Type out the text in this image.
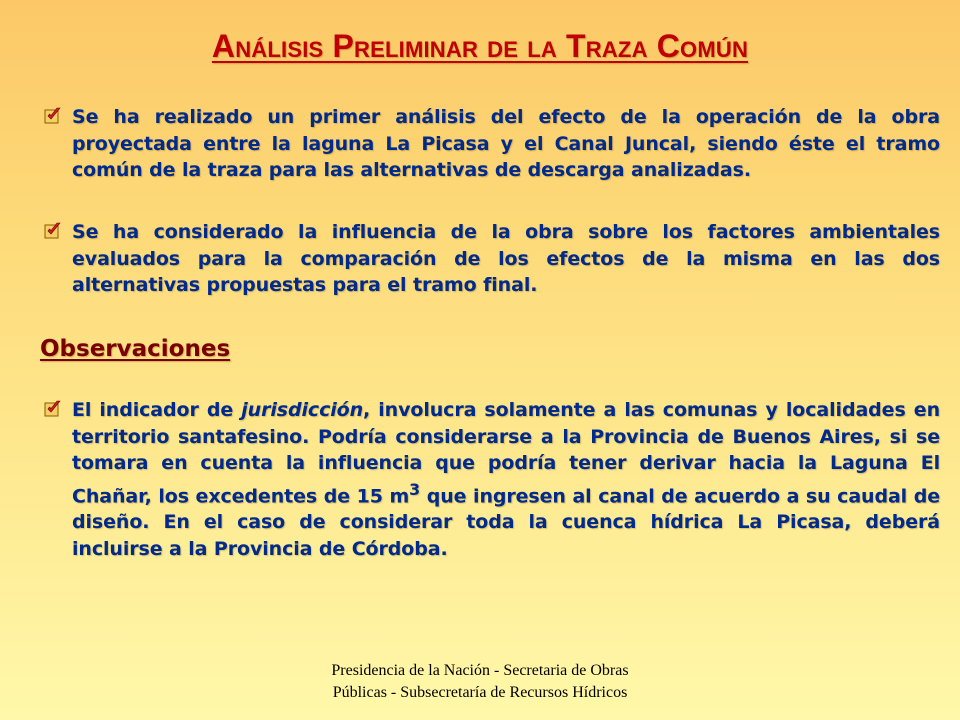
Análisis Preliminar de la Traza Común
Se ha realizado un primer análisis del efecto de la operación de la obra proyectada entre la laguna La Picasa y el Canal Juncal, siendo éste el tramo común de la traza para las alternativas de descarga analizadas.
Se ha considerado la influencia de la obra sobre los factores ambientales evaluados para la comparación de los efectos de la misma en las dos alternativas propuestas para el tramo final.
Observaciones
El indicador de jurisdicción, involucra solamente a las comunas y localidades en territorio santafesino. Podría considerarse a la Provincia de Buenos Aires, si se tomara en cuenta la influencia que podría tener derivar hacia la Laguna El Chañar, los excedentes de 15 $m^3$ que ingresen al canal de acuerdo a su caudal de diseño. En el caso de considerar toda la cuenca hídrica La Picasa, deberá incluirse a la Provincia de Córdoba.
Presidencia de la Nación - Secretaria de Obras Públicas - Subsecretaría de Recursos Hídricos
